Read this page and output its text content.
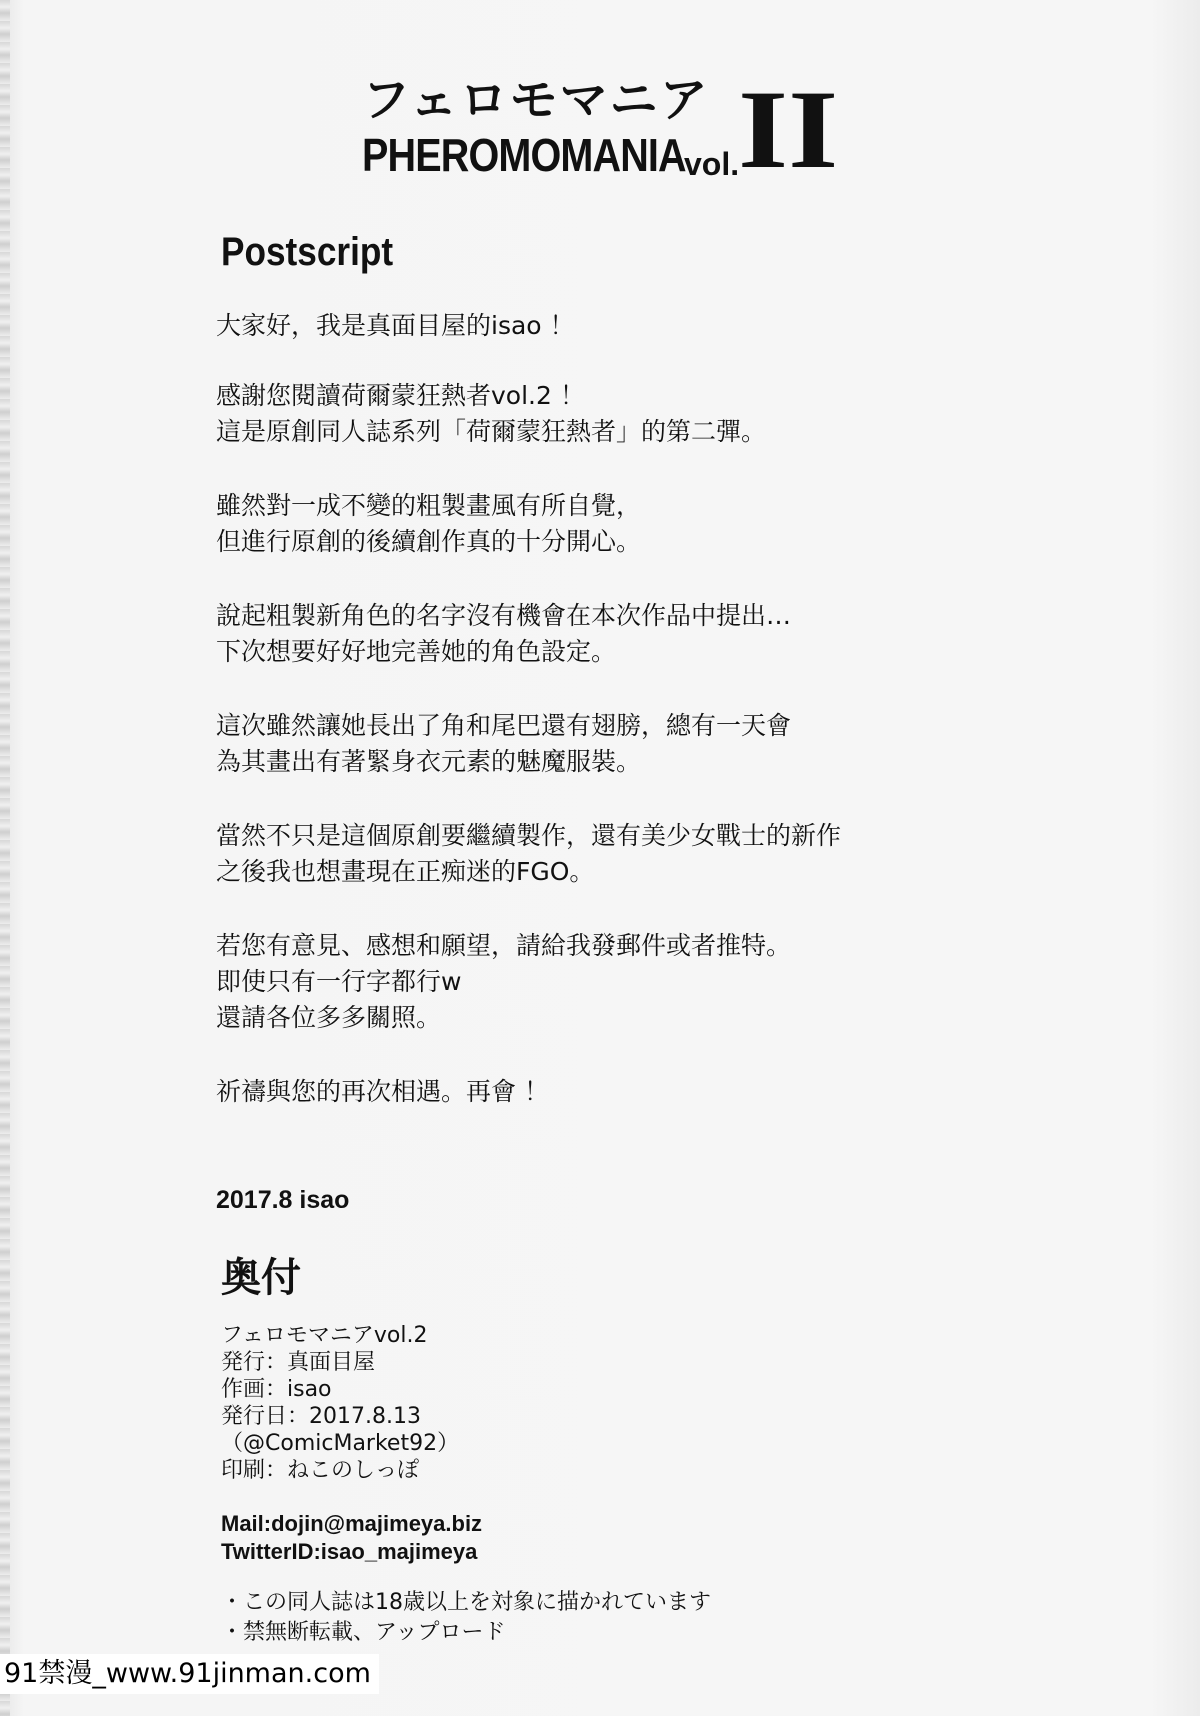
フェロモマニア
PHEROMOMANIA
vol.
II
Postscript
大家好，我是真面目屋的isao ！
感謝您閱讀荷爾蒙狂熱者vol.2 ！
這是原創同人誌系列「荷爾蒙狂熱者」的第二彈。
雖然對一成不變的粗製畫風有所自覺，
但進行原創的後續創作真的十分開心。
說起粗製新角色的名字沒有機會在本次作品中提出…
下次想要好好地完善她的角色設定。
這次雖然讓她長出了角和尾巴還有翅膀，總有一天會
為其畫出有著緊身衣元素的魅魔服裝。
當然不只是這個原創要繼續製作，還有美少女戰士的新作
之後我也想畫現在正痴迷的FGO。
若您有意見、感想和願望，請給我發郵件或者推特。
即使只有一行字都行w
還請各位多多關照。
祈禱與您的再次相遇。再會 ！
2017.8 isao
奥付
フェロモマニアvol.2
発行：真面目屋
作画：isao
発行日：2017.8.13
（@ComicMarket92）
印刷：ねこのしっぽ
Mail:dojin@majimeya.biz
TwitterID:isao_majimeya
・この同人誌は18歳以上を対象に描かれています
・禁無断転載、アップロード
91禁漫_www.91jinman.com
